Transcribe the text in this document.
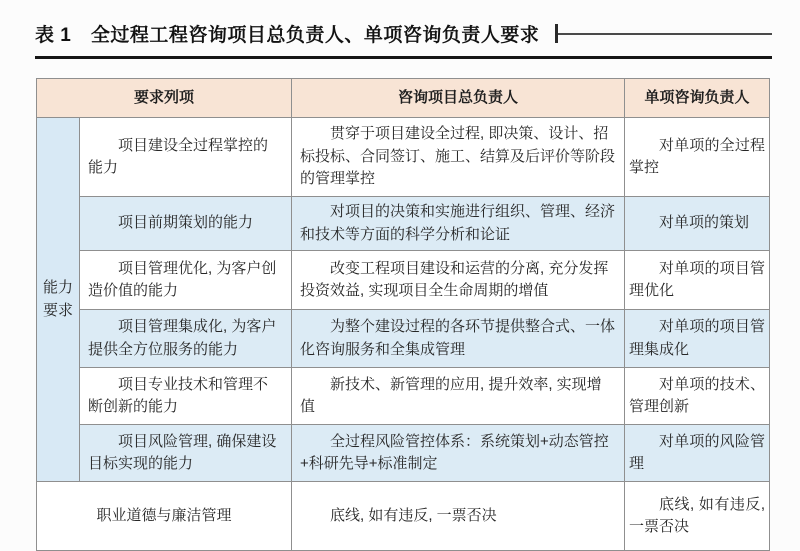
表 1　全过程工程咨询项目总负责人、单项咨询负责人要求
要求列项		咨询项目总负责人	单项咨询负责人
能力要求	项目建设全过程掌控的能力	贯穿于项目建设全过程, 即决策、设计、招标投标、合同签订、施工、结算及后评价等阶段的管理掌控	对单项的全过程掌控
	项目前期策划的能力	对项目的决策和实施进行组织、管理、经济和技术等方面的科学分析和论证	对单项的策划
	项目管理优化, 为客户创造价值的能力	改变工程项目建设和运营的分离, 充分发挥投资效益, 实现项目全生命周期的增值	对单项的项目管理优化
	项目管理集成化, 为客户提供全方位服务的能力	为整个建设过程的各环节提供整合式、一体化咨询服务和全集成管理	对单项的项目管理集成化
	项目专业技术和管理不断创新的能力	新技术、新管理的应用, 提升效率, 实现增值	对单项的技术、管理创新
	项目风险管理, 确保建设目标实现的能力	全过程风险管控体系：系统策划+动态管控+科研先导+标准制定	对单项的风险管理
职业道德与廉洁管理		底线, 如有违反, 一票否决	底线, 如有违反, 一票否决
